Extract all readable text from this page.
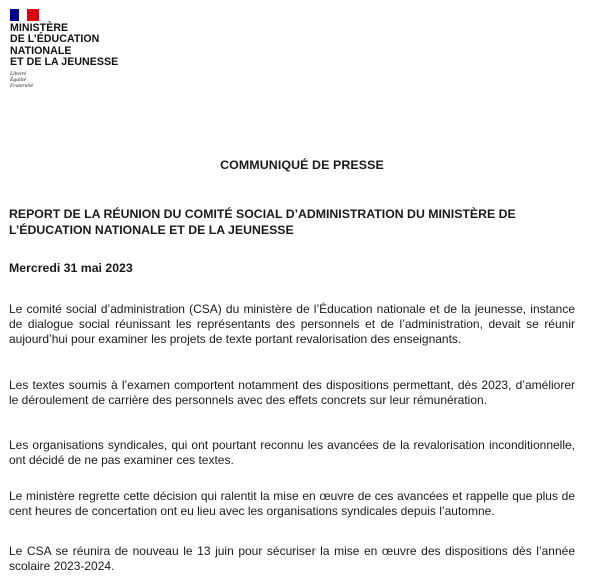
MINISTÈRE
DE L’ÉDUCATION
NATIONALE
ET DE LA JEUNESSE
Liberté
Égalité
Fraternité
COMMUNIQUÉ DE PRESSE
REPORT DE LA RÉUNION DU COMITÉ SOCIAL D’ADMINISTRATION DU MINISTÈRE DE L’ÉDUCATION NATIONALE ET DE LA JEUNESSE
Mercredi 31 mai 2023
Le comité social d’administration (CSA) du ministère de l’Éducation nationale et de la jeunesse, instance de dialogue social réunissant les représentants des personnels et de l’administration, devait se réunir aujourd’hui pour examiner les projets de texte portant revalorisation des enseignants.
Les textes soumis à l’examen comportent notamment des dispositions permettant, dès 2023, d’améliorer le déroulement de carrière des personnels avec des effets concrets sur leur rémunération.
Les organisations syndicales, qui ont pourtant reconnu les avancées de la revalorisation inconditionnelle, ont décidé de ne pas examiner ces textes.
Le ministère regrette cette décision qui ralentit la mise en œuvre de ces avancées et rappelle que plus de cent heures de concertation ont eu lieu avec les organisations syndicales depuis l’automne.
Le CSA se réunira de nouveau le 13 juin pour sécuriser la mise en œuvre des dispositions dès l’année scolaire 2023-2024.
